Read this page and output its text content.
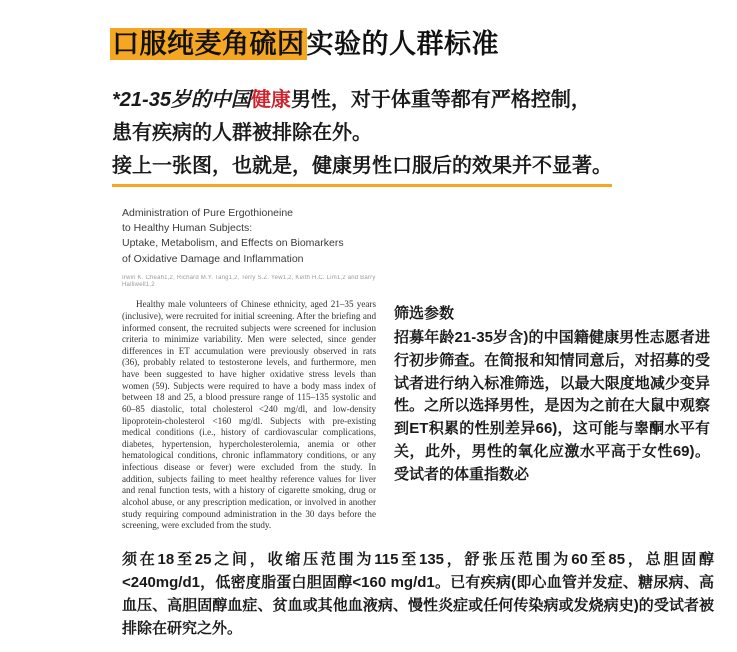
口服纯麦角硫因实验的人群标准
*21-35岁的中国健康男性，对于体重等都有严格控制，
患有疾病的人群被排除在外。
接上一张图，也就是，健康男性口服后的效果并不显著。
Administration of Pure Ergothioneine
to Healthy Human Subjects:
Uptake, Metabolism, and Effects on Biomarkers
of Oxidative Damage and Inflammation
Irwin K. Cheah1,2, Richard M.Y. Tang1,2, Terry S.Z. Yew1,2, Keith H.C. Lim1,2 and Barry Halliwell1,2
Healthy male volunteers of Chinese ethnicity, aged 21–35 years (inclusive), were recruited for initial screening. After the briefing and informed consent, the recruited subjects were screened for inclusion criteria to minimize variability. Men were selected, since gender differences in ET accumulation were previously observed in rats (36), probably related to testosterone levels, and furthermore, men have been suggested to have higher oxidative stress levels than women (59). Subjects were required to have a body mass index of between 18 and 25, a blood pressure range of 115–135 systolic and 60–85 diastolic, total cholesterol <240 mg/dl, and low-density lipoprotein-cholesterol <160 mg/dl. Subjects with pre-existing medical conditions (i.e., history of cardiovascular complications, diabetes, hypertension, hypercholesterolemia, anemia or other hematological conditions, chronic inflammatory conditions, or any infectious disease or fever) were excluded from the study. In addition, subjects failing to meet healthy reference values for liver and renal function tests, with a history of cigarette smoking, drug or alcohol abuse, or any prescription medication, or involved in another study requiring compound administration in the 30 days before the screening, were excluded from the study.
筛选参数
招募年龄21-35岁含)的中国籍健康男性志愿者进行初步筛查。在简报和知情同意后，对招募的受试者进行纳入标准筛选，以最大限度地减少变异性。之所以选择男性，是因为之前在大鼠中观察到ET积累的性别差异66)，这可能与睾酮水平有关，此外，男性的氧化应激水平高于女性69)。受试者的体重指数必
须在18至25之间，收缩压范围为115至135，舒张压范围为60至85，总胆固醇<240mg/d1，低密度脂蛋白胆固醇<160 mg/d1。已有疾病(即心血管并发症、糖尿病、高血压、高胆固醇血症、贫血或其他血液病、慢性炎症或任何传染病或发烧病史)的受试者被排除在研究之外。
